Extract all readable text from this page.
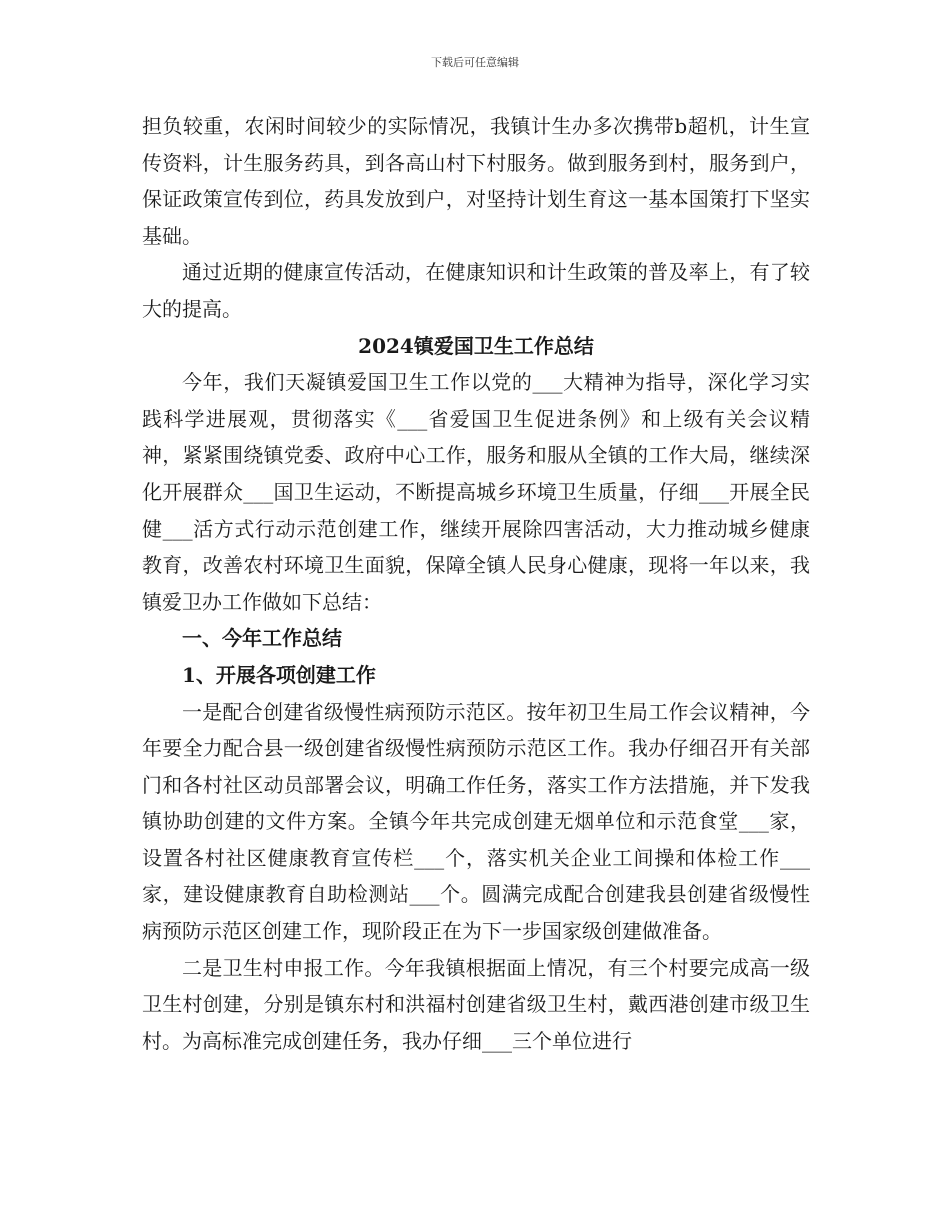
下载后可任意编辑

担负较重，农闲时间较少的实际情况，我镇计生办多次携带b超机，计生宣传资料，计生服务药具，到各高山村下村服务。做到服务到村，服务到户，保证政策宣传到位，药具发放到户，对坚持计划生育这一基本国策打下坚实基础。

通过近期的健康宣传活动，在健康知识和计生政策的普及率上，有了较大的提高。

2024镇爱国卫生工作总结

今年，我们天凝镇爱国卫生工作以党的___大精神为指导，深化学习实践科学进展观，贯彻落实《___省爱国卫生促进条例》和上级有关会议精神，紧紧围绕镇党委、政府中心工作，服务和服从全镇的工作大局，继续深化开展群众___国卫生运动，不断提高城乡环境卫生质量，仔细___开展全民健___活方式行动示范创建工作，继续开展除四害活动，大力推动城乡健康教育，改善农村环境卫生面貌，保障全镇人民身心健康，现将一年以来，我镇爱卫办工作做如下总结：

一、今年工作总结

1、开展各项创建工作

一是配合创建省级慢性病预防示范区。按年初卫生局工作会议精神，今年要全力配合县一级创建省级慢性病预防示范区工作。我办仔细召开有关部门和各村社区动员部署会议，明确工作任务，落实工作方法措施，并下发我镇协助创建的文件方案。全镇今年共完成创建无烟单位和示范食堂___家，设置各村社区健康教育宣传栏___个，落实机关企业工间操和体检工作___家，建设健康教育自助检测站___个。圆满完成配合创建我县创建省级慢性病预防示范区创建工作，现阶段正在为下一步国家级创建做准备。

二是卫生村申报工作。今年我镇根据面上情况，有三个村要完成高一级卫生村创建，分别是镇东村和洪福村创建省级卫生村，戴西港创建市级卫生村。为高标准完成创建任务，我办仔细___三个单位进行
